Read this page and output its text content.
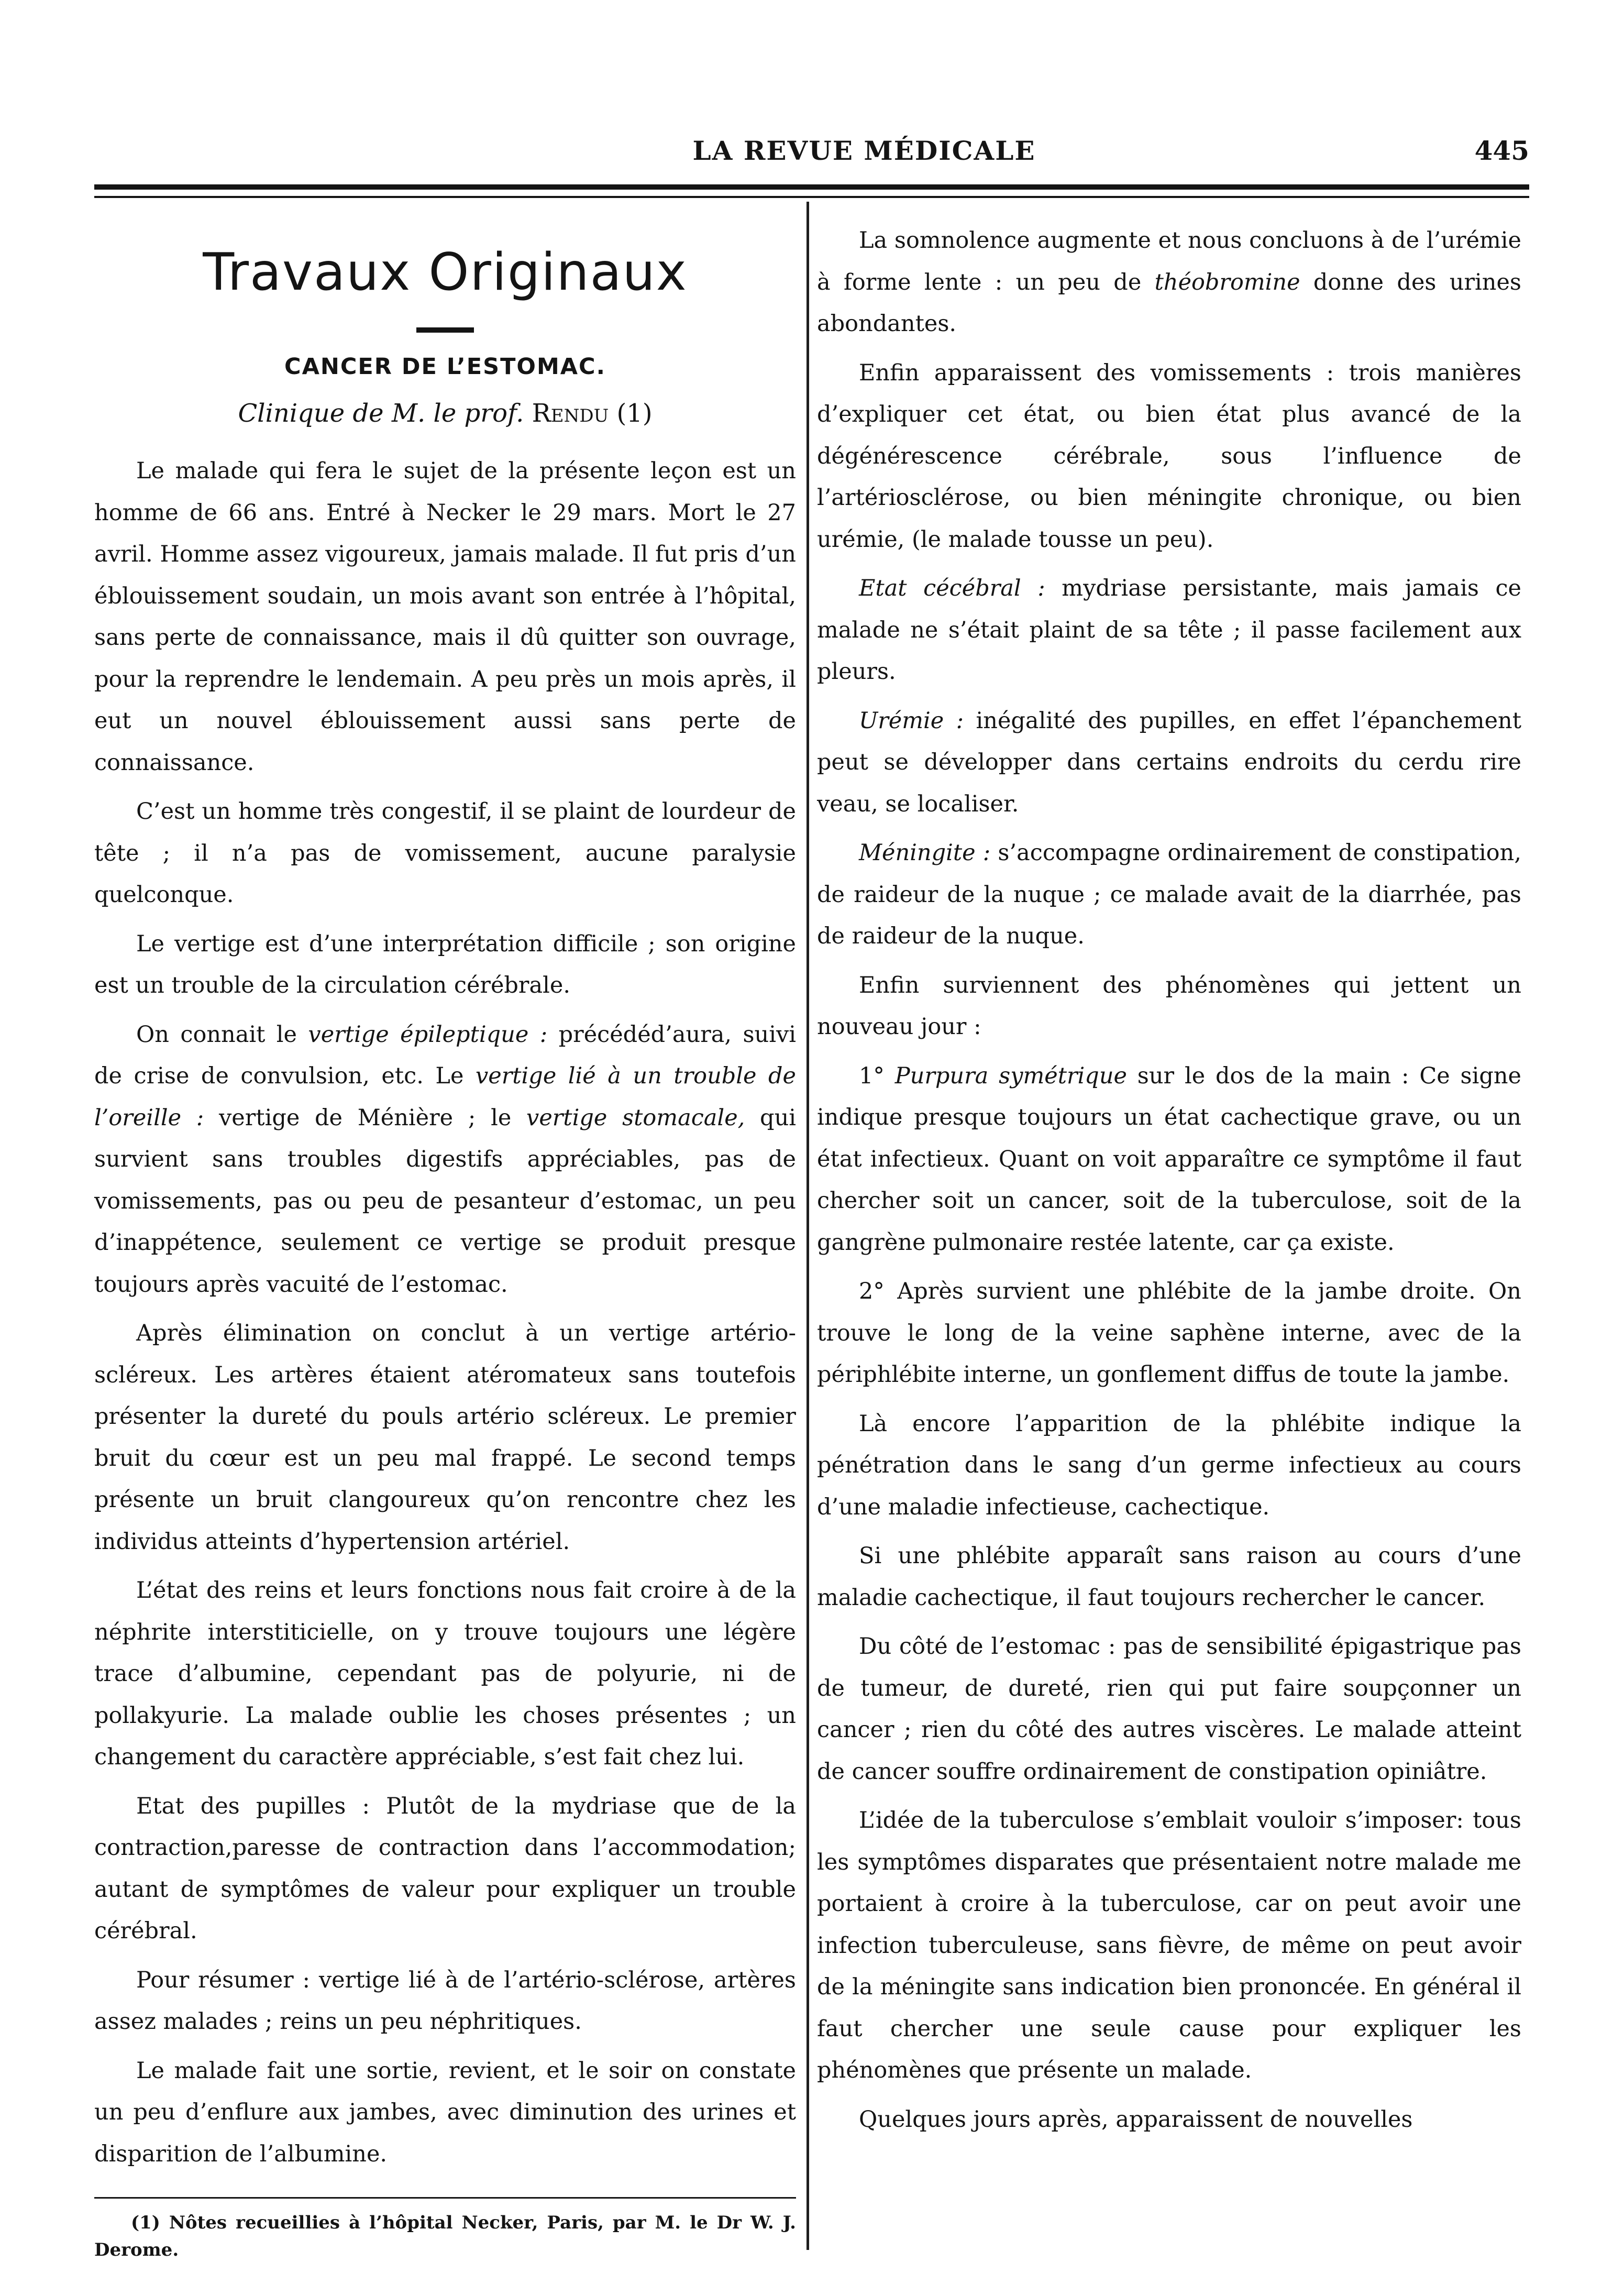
LA REVUE MÉDICALE	445
Travaux Originaux
CANCER DE L’ESTOMAC.
Clinique de M. le prof. Rendu (1)

Le malade qui fera le sujet de la présente leçon est un homme de 66 ans. Entré à Necker le 29 mars. Mort le 27 avril. Homme assez vigoureux, jamais malade. Il fut pris d’un éblouissement soudain, un mois avant son entrée à l’hôpital, sans perte de connaissance, mais il dû quitter son ouvrage, pour la reprendre le lendemain. A peu près un mois après, il eut un nouvel éblouissement aussi sans perte de connaissance.

C’est un homme très congestif, il se plaint de lourdeur de tête ; il n’a pas de vomissement, aucune paralysie quelconque.

Le vertige est d’une interprétation difficile ; son origine est un trouble de la circulation cérébrale.

On connait le vertige épileptique : précédéd’aura, suivi de crise de convulsion, etc. Le vertige lié à un trouble de l’oreille : vertige de Ménière ; le vertige stomacale, qui survient sans troubles digestifs appréciables, pas de vomissements, pas ou peu de pesanteur d’estomac, un peu d’inappétence, seulement ce vertige se produit presque toujours après vacuité de l’estomac.

Après élimination on conclut à un vertige artério-scléreux. Les artères étaient atéromateux sans toutefois présenter la dureté du pouls artério scléreux. Le premier bruit du cœur est un peu mal frappé. Le second temps présente un bruit clangoureux qu’on rencontre chez les individus atteints d’hypertension artériel.

L’état des reins et leurs fonctions nous fait croire à de la néphrite interstiticielle, on y trouve toujours une légère trace d’albumine, cependant pas de polyurie, ni de pollakyurie. La malade oublie les choses présentes ; un changement du caractère appréciable, s’est fait chez lui.

Etat des pupilles : Plutôt de la mydriase que de la contraction,paresse de contraction dans l’accommodation; autant de symptômes de valeur pour expliquer un trouble cérébral.

Pour résumer : vertige lié à de l’artério-sclérose, artères assez malades ; reins un peu néphritiques.

Le malade fait une sortie, revient, et le soir on constate un peu d’enflure aux jambes, avec diminution des urines et disparition de l’albumine.

(1) Nôtes recueillies à l’hôpital Necker, Paris, par M. le Dr W. J. Derome.

La somnolence augmente et nous concluons à de l’urémie à forme lente : un peu de théobromine donne des urines abondantes.

Enfin apparaissent des vomissements : trois manières d’expliquer cet état, ou bien état plus avancé de la dégénérescence cérébrale, sous l’influence de l’artériosclérose, ou bien méningite chronique, ou bien urémie, (le malade tousse un peu).

Etat cécébral : mydriase persistante, mais jamais ce malade ne s’était plaint de sa tête ; il passe facilement aux pleurs.

Urémie : inégalité des pupilles, en effet l’épanchement peut se développer dans certains endroits du cerdu rire veau, se localiser.

Méningite : s’accompagne ordinairement de constipation, de raideur de la nuque ; ce malade avait de la diarrhée, pas de raideur de la nuque.

Enfin surviennent des phénomènes qui jettent un nouveau jour :

1° Purpura symétrique sur le dos de la main : Ce signe indique presque toujours un état cachectique grave, ou un état infectieux. Quant on voit apparaître ce symptôme il faut chercher soit un cancer, soit de la tuberculose, soit de la gangrène pulmonaire restée latente, car ça existe.

2° Après survient une phlébite de la jambe droite. On trouve le long de la veine saphène interne, avec de la périphlébite interne, un gonflement diffus de toute la jambe.

Là encore l’apparition de la phlébite indique la pénétration dans le sang d’un germe infectieux au cours d’une maladie infectieuse, cachectique.

Si une phlébite apparaît sans raison au cours d’une maladie cachectique, il faut toujours rechercher le cancer.

Du côté de l’estomac : pas de sensibilité épigastrique pas de tumeur, de dureté, rien qui put faire soupçonner un cancer ; rien du côté des autres viscères. Le malade atteint de cancer souffre ordinairement de constipation opiniâtre.

L’idée de la tuberculose s’emblait vouloir s’imposer: tous les symptômes disparates que présentaient notre malade me portaient à croire à la tuberculose, car on peut avoir une infection tuberculeuse, sans fièvre, de même on peut avoir de la méningite sans indication bien prononcée. En général il faut chercher une seule cause pour expliquer les phénomènes que présente un malade.

Quelques jours après, apparaissent de nouvelles
